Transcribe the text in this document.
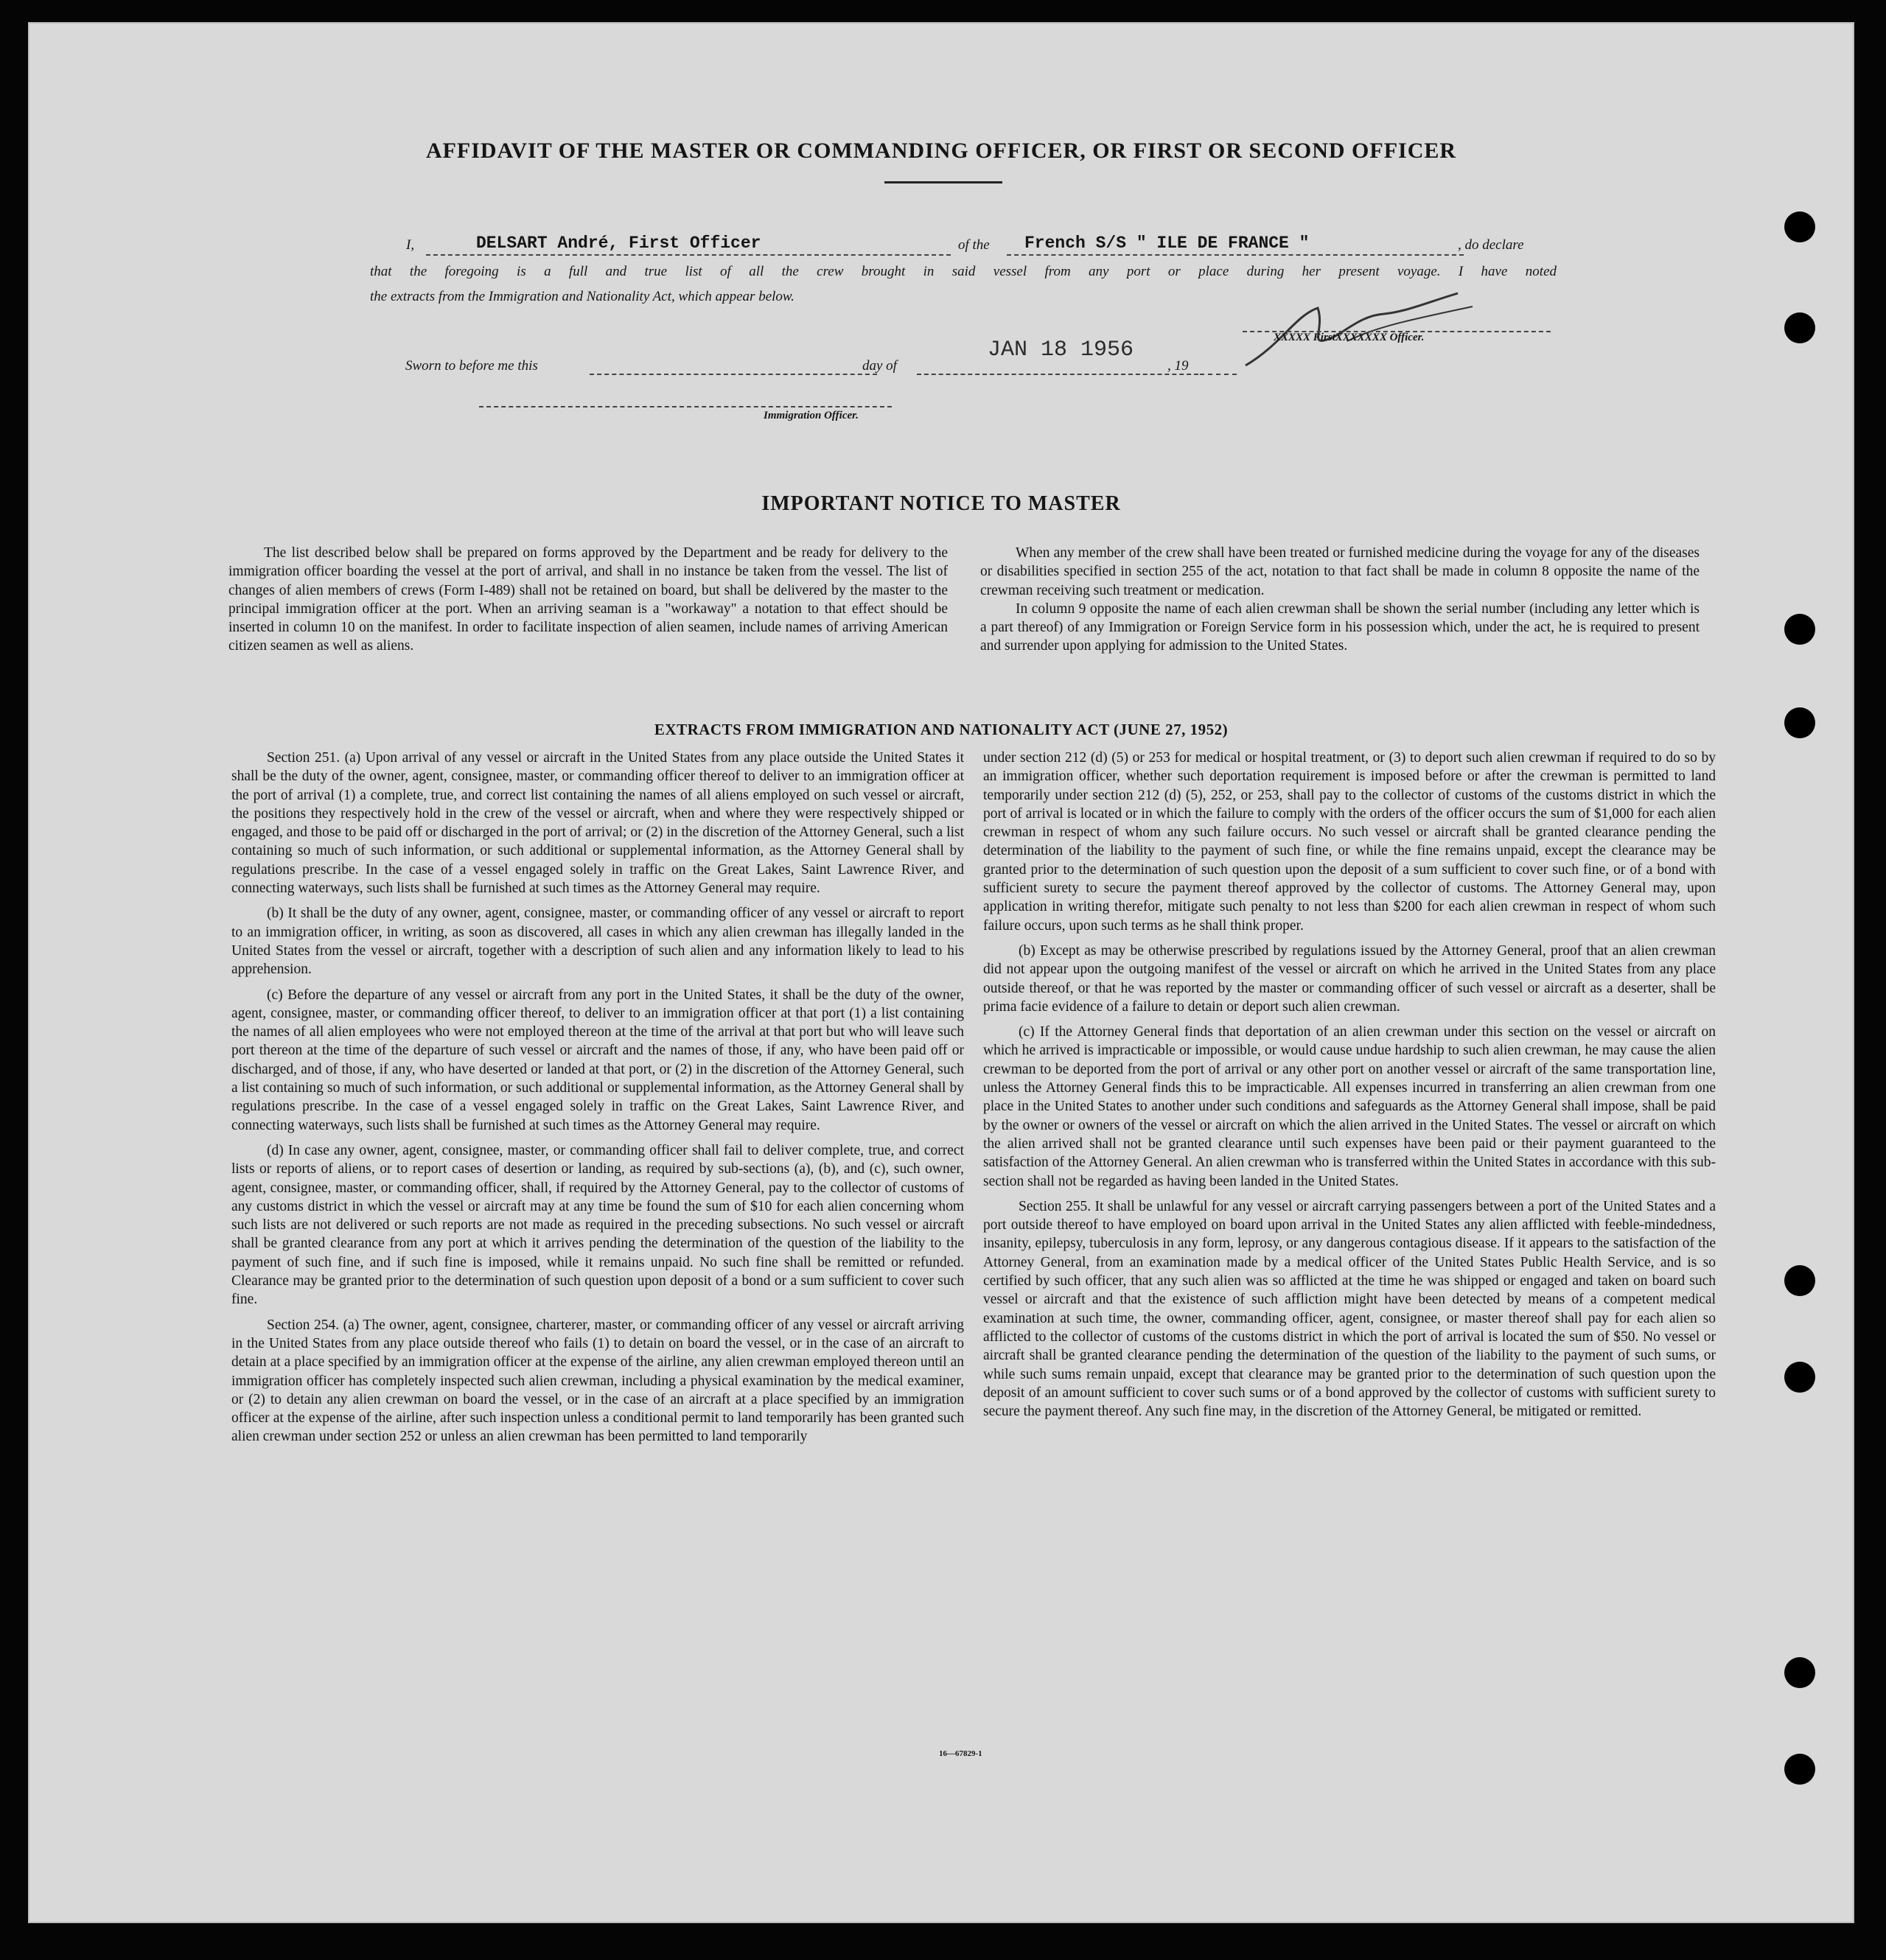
AFFIDAVIT OF THE MASTER OR COMMANDING OFFICER, OR FIRST OR SECOND OFFICER
I,	DELSART André, First Officer	of the French S/S " ILE DE FRANCE "	, do declare
that the foregoing is a full and true list of all the crew brought in said vessel from any port or place during her present voyage. I have noted
the extracts from the Immigration and Nationality Act, which appear below.
XXXXX FirstXXXXXXX Officer.
Sworn to before me this	day of
JAN 18 1956
, 19
Immigration Officer.
IMPORTANT NOTICE TO MASTER

The list described below shall be prepared on forms approved by the Department and be ready for delivery to the immigration officer boarding the vessel at the port of arrival, and shall in no instance be taken from the vessel. The list of changes of alien members of crews (Form I-489) shall not be retained on board, but shall be delivered by the master to the principal immigration officer at the port. When an arriving seaman is a "workaway" a notation to that effect should be inserted in column 10 on the manifest. In order to facilitate inspection of alien seamen, include names of arriving American citizen seamen as well as aliens.

When any member of the crew shall have been treated or furnished medicine during the voyage for any of the diseases or disabilities specified in section 255 of the act, notation to that fact shall be made in column 8 opposite the name of the crewman receiving such treatment or medication.

In column 9 opposite the name of each alien crewman shall be shown the serial number (including any letter which is a part thereof) of any Immigration or Foreign Service form in his possession which, under the act, he is required to present and surrender upon applying for admission to the United States.

EXTRACTS FROM IMMIGRATION AND NATIONALITY ACT (JUNE 27, 1952)

Section 251. (a) Upon arrival of any vessel or aircraft in the United States from any place outside the United States it shall be the duty of the owner, agent, consignee, master, or commanding officer thereof to deliver to an immigration officer at the port of arrival (1) a complete, true, and correct list containing the names of all aliens employed on such vessel or aircraft, the positions they respectively hold in the crew of the vessel or aircraft, when and where they were respectively shipped or engaged, and those to be paid off or discharged in the port of arrival; or (2) in the discretion of the Attorney General, such a list containing so much of such information, or such additional or supplemental information, as the Attorney General shall by regulations prescribe. In the case of a vessel engaged solely in traffic on the Great Lakes, Saint Lawrence River, and connecting waterways, such lists shall be furnished at such times as the Attorney General may require.

(b) It shall be the duty of any owner, agent, consignee, master, or commanding officer of any vessel or aircraft to report to an immigration officer, in writing, as soon as discovered, all cases in which any alien crewman has illegally landed in the United States from the vessel or aircraft, together with a description of such alien and any information likely to lead to his apprehension.

(c) Before the departure of any vessel or aircraft from any port in the United States, it shall be the duty of the owner, agent, consignee, master, or commanding officer thereof, to deliver to an immigration officer at that port (1) a list containing the names of all alien employees who were not employed thereon at the time of the arrival at that port but who will leave such port thereon at the time of the departure of such vessel or aircraft and the names of those, if any, who have been paid off or discharged, and of those, if any, who have deserted or landed at that port, or (2) in the discretion of the Attorney General, such a list containing so much of such information, or such additional or supplemental information, as the Attorney General shall by regulations prescribe. In the case of a vessel engaged solely in traffic on the Great Lakes, Saint Lawrence River, and connecting waterways, such lists shall be furnished at such times as the Attorney General may require.

(d) In case any owner, agent, consignee, master, or commanding officer shall fail to deliver complete, true, and correct lists or reports of aliens, or to report cases of desertion or landing, as required by sub-sections (a), (b), and (c), such owner, agent, consignee, master, or commanding officer, shall, if required by the Attorney General, pay to the collector of customs of any customs district in which the vessel or aircraft may at any time be found the sum of $10 for each alien concerning whom such lists are not delivered or such reports are not made as required in the preceding subsections. No such vessel or aircraft shall be granted clearance from any port at which it arrives pending the determination of the question of the liability to the payment of such fine, and if such fine is imposed, while it remains unpaid. No such fine shall be remitted or refunded. Clearance may be granted prior to the determination of such question upon deposit of a bond or a sum sufficient to cover such fine.

Section 254. (a) The owner, agent, consignee, charterer, master, or commanding officer of any vessel or aircraft arriving in the United States from any place outside thereof who fails (1) to detain on board the vessel, or in the case of an aircraft to detain at a place specified by an immigration officer at the expense of the airline, any alien crewman employed thereon until an immigration officer has completely inspected such alien crewman, including a physical examination by the medical examiner, or (2) to detain any alien crewman on board the vessel, or in the case of an aircraft at a place specified by an immigration officer at the expense of the airline, after such inspection unless a conditional permit to land temporarily has been granted such alien crewman under section 252 or unless an alien crewman has been permitted to land temporarily

under section 212 (d) (5) or 253 for medical or hospital treatment, or (3) to deport such alien crewman if required to do so by an immigration officer, whether such deportation requirement is imposed before or after the crewman is permitted to land temporarily under section 212 (d) (5), 252, or 253, shall pay to the collector of customs of the customs district in which the port of arrival is located or in which the failure to comply with the orders of the officer occurs the sum of $1,000 for each alien crewman in respect of whom any such failure occurs. No such vessel or aircraft shall be granted clearance pending the determination of the liability to the payment of such fine, or while the fine remains unpaid, except the clearance may be granted prior to the determination of such question upon the deposit of a sum sufficient to cover such fine, or of a bond with sufficient surety to secure the payment thereof approved by the collector of customs. The Attorney General may, upon application in writing therefor, mitigate such penalty to not less than $200 for each alien crewman in respect of whom such failure occurs, upon such terms as he shall think proper.

(b) Except as may be otherwise prescribed by regulations issued by the Attorney General, proof that an alien crewman did not appear upon the outgoing manifest of the vessel or aircraft on which he arrived in the United States from any place outside thereof, or that he was reported by the master or commanding officer of such vessel or aircraft as a deserter, shall be prima facie evidence of a failure to detain or deport such alien crewman.

(c) If the Attorney General finds that deportation of an alien crewman under this section on the vessel or aircraft on which he arrived is impracticable or impossible, or would cause undue hardship to such alien crewman, he may cause the alien crewman to be deported from the port of arrival or any other port on another vessel or aircraft of the same transportation line, unless the Attorney General finds this to be impracticable. All expenses incurred in transferring an alien crewman from one place in the United States to another under such conditions and safeguards as the Attorney General shall impose, shall be paid by the owner or owners of the vessel or aircraft on which the alien arrived in the United States. The vessel or aircraft on which the alien arrived shall not be granted clearance until such expenses have been paid or their payment guaranteed to the satisfaction of the Attorney General. An alien crewman who is transferred within the United States in accordance with this sub-section shall not be regarded as having been landed in the United States.

Section 255. It shall be unlawful for any vessel or aircraft carrying passengers between a port of the United States and a port outside thereof to have employed on board upon arrival in the United States any alien afflicted with feeble-mindedness, insanity, epilepsy, tuberculosis in any form, leprosy, or any dangerous contagious disease. If it appears to the satisfaction of the Attorney General, from an examination made by a medical officer of the United States Public Health Service, and is so certified by such officer, that any such alien was so afflicted at the time he was shipped or engaged and taken on board such vessel or aircraft and that the existence of such affliction might have been detected by means of a competent medical examination at such time, the owner, commanding officer, agent, consignee, or master thereof shall pay for each alien so afflicted to the collector of customs of the customs district in which the port of arrival is located the sum of $50. No vessel or aircraft shall be granted clearance pending the determination of the question of the liability to the payment of such sums, or while such sums remain unpaid, except that clearance may be granted prior to the determination of such question upon the deposit of an amount sufficient to cover such sums or of a bond approved by the collector of customs with sufficient surety to secure the payment thereof. Any such fine may, in the discretion of the Attorney General, be mitigated or remitted.

16—67829-1
